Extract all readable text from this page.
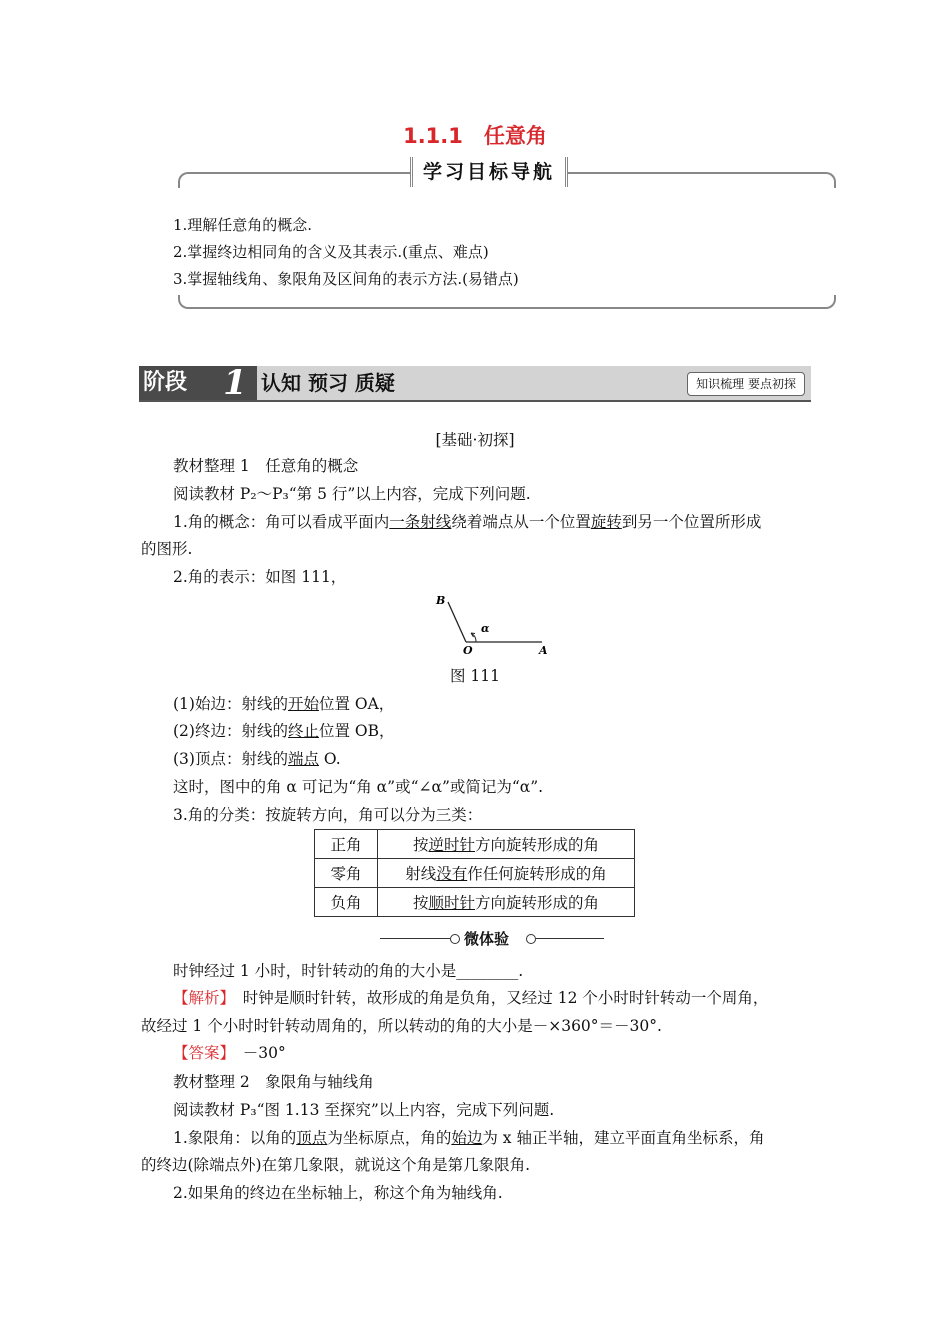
1.1.1　任意角
学习目标导航
1.理解任意角的概念.
2.掌握终边相同角的含义及其表示.(重点、难点)
3.掌握轴线角、象限角及区间角的表示方法.(易错点)
阶段	1 认知 预习 质疑	知识梳理 要点初探
[基础·初探]
教材整理 1　任意角的概念
阅读教材 P₂～P₃“第 5 行”以上内容，完成下列问题.
1.角的概念：角可以看成平面内一条射线绕着端点从一个位置旋转到另一个位置所形成
的图形.
2.角的表示：如图 111，
B
O	A
α
图 111
(1)始边：射线的开始位置 OA，
(2)终边：射线的终止位置 OB，
(3)顶点：射线的端点 O.
这时，图中的角 α 可记为“角 α”或“∠α”或简记为“α”.
3.角的分类：按旋转方向，角可以分为三类：
正角	按逆时针方向旋转形成的角
零角	射线没有作任何旋转形成的角
负角	按顺时针方向旋转形成的角
微体验
时钟经过 1 小时，时针转动的角的大小是________.
【解析】　 时钟是顺时针转，故形成的角是负角，又经过 12 个小时时针转动一个周角，
故经过 1 个小时时针转动周角的，所以转动的角的大小是－×360°＝－30°.
【答案】　 －30°
教材整理 2　象限角与轴线角
阅读教材 P₃“图 1.13 至探究”以上内容，完成下列问题.
1.象限角：以角的顶点为坐标原点，角的始边为 x 轴正半轴，建立平面直角坐标系，角
的终边(除端点外)在第几象限，就说这个角是第几象限角.
2.如果角的终边在坐标轴上，称这个角为轴线角.
